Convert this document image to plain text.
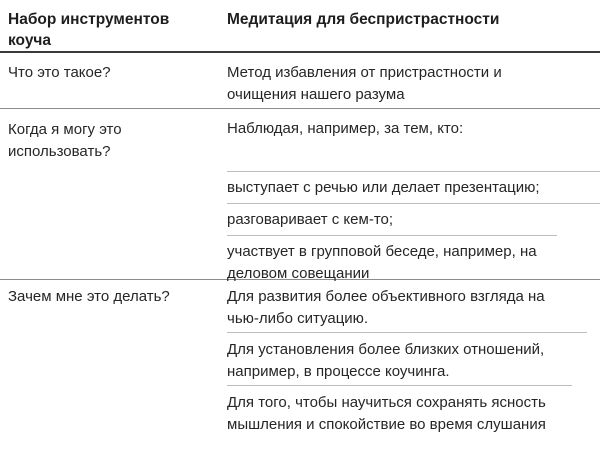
Набор инструментов коуча
Медитация для беспристрастности
Что это такое?	Метод избавления от пристрастности и очищения нашего разума
Когда я могу это использовать?
Наблюдая, например, за тем, кто:
выступает с речью или делает презентацию;
разговаривает с кем-то;
участвует в групповой беседе, например, на деловом совещании
Зачем мне это делать?	Для развития более объективного взгляда на чью-либо ситуацию.
Для установления более близких отношений, например, в процессе коучинга.
Для того, чтобы научиться сохранять ясность мышления и спокойствие во время слушания
